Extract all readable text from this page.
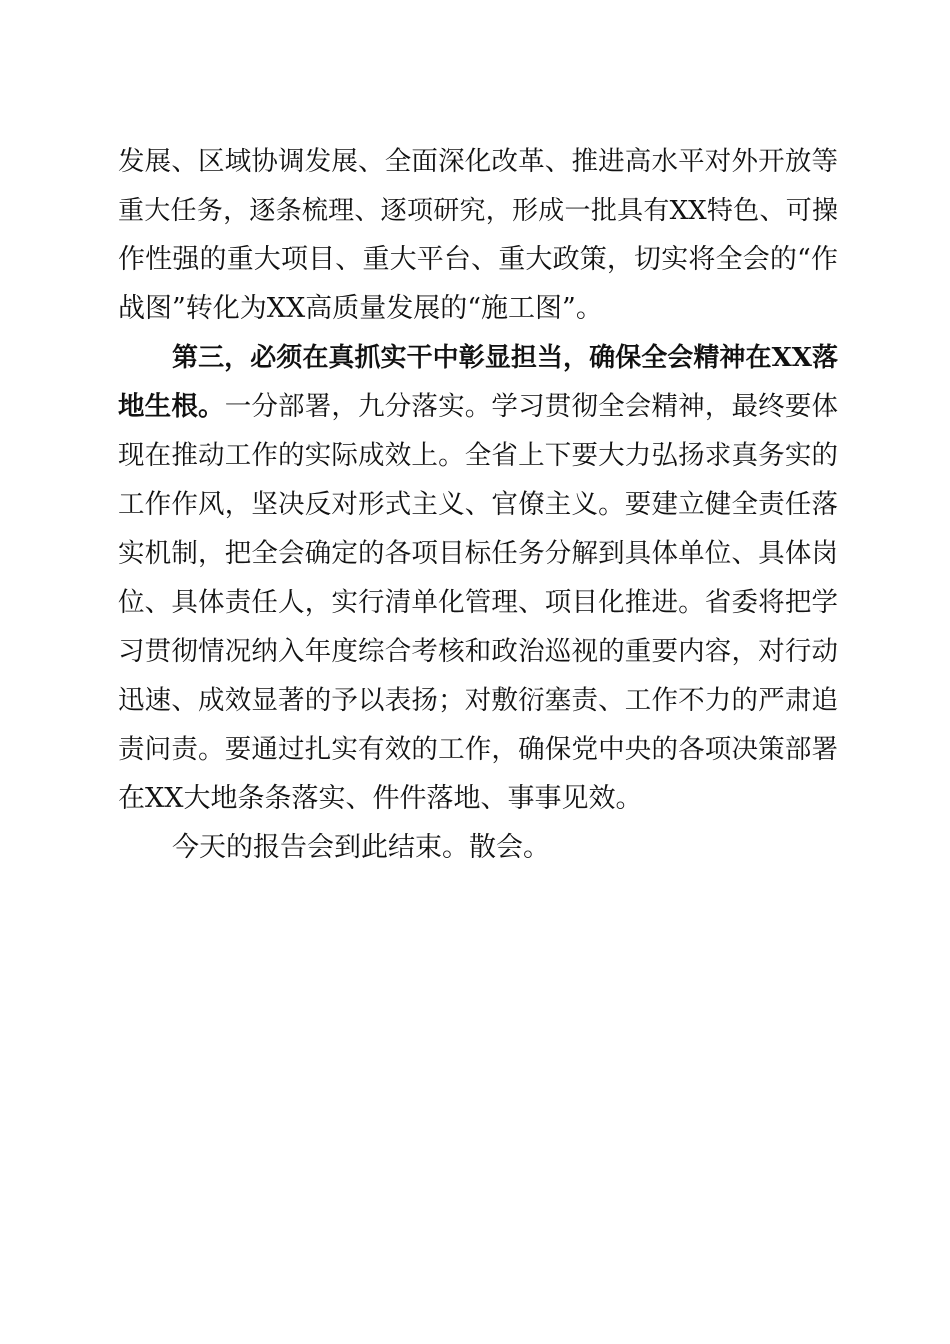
发展、区域协调发展、全面深化改革、推进高水平对外开放等
重大任务，逐条梳理、逐项研究，形成一批具有XX特色、可操
作性强的重大项目、重大平台、重大政策，切实将全会的“作
战图”转化为XX高质量发展的“施工图”。
第三，必须在真抓实干中彰显担当，确保全会精神在XX落
地生根。一分部署，九分落实。学习贯彻全会精神，最终要体
现在推动工作的实际成效上。全省上下要大力弘扬求真务实的
工作作风，坚决反对形式主义、官僚主义。要建立健全责任落
实机制，把全会确定的各项目标任务分解到具体单位、具体岗
位、具体责任人，实行清单化管理、项目化推进。省委将把学
习贯彻情况纳入年度综合考核和政治巡视的重要内容，对行动
迅速、成效显著的予以表扬；对敷衍塞责、工作不力的严肃追
责问责。要通过扎实有效的工作，确保党中央的各项决策部署
在XX大地条条落实、件件落地、事事见效。
今天的报告会到此结束。散会。
